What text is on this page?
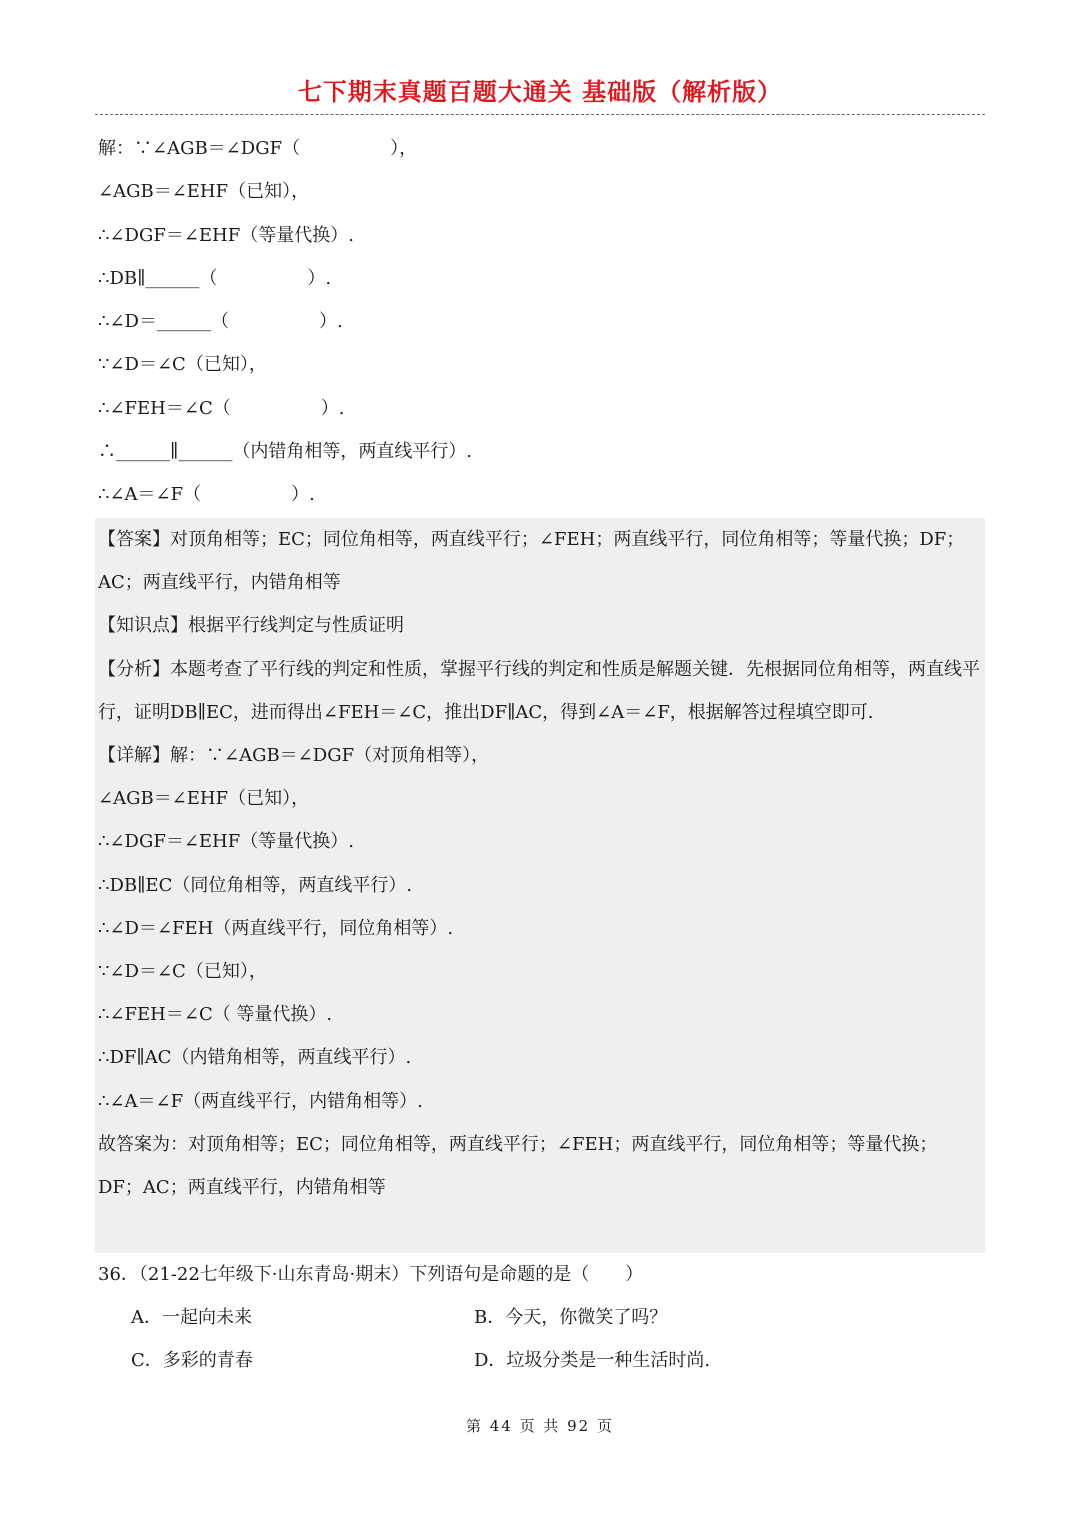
七下期末真题百题大通关 基础版（解析版）
解：∵∠AGB＝∠DGF（　　　　　），
∠AGB＝∠EHF（已知），
∴∠DGF＝∠EHF（等量代换）.
∴DB∥______（　　　　　）.
∴∠D＝______（　　　　　）.
∵∠D＝∠C（已知），
∴∠FEH＝∠C（　　　　　）.
∴______∥______（内错角相等，两直线平行）.
∴∠A＝∠F（　　　　　）.
【答案】对顶角相等；EC；同位角相等，两直线平行；∠FEH；两直线平行，同位角相等；等量代换；DF；AC；两直线平行，内错角相等
【知识点】根据平行线判定与性质证明
【分析】本题考查了平行线的判定和性质，掌握平行线的判定和性质是解题关键．先根据同位角相等，两直线平行，证明DB∥EC，进而得出∠FEH＝∠C，推出DF∥AC，得到∠A＝∠F，根据解答过程填空即可.
【详解】解：∵∠AGB＝∠DGF（对顶角相等），
∠AGB＝∠EHF（已知），
∴∠DGF＝∠EHF（等量代换）.
∴DB∥EC（同位角相等，两直线平行）.
∴∠D＝∠FEH（两直线平行，同位角相等）.
∵∠D＝∠C（已知），
∴∠FEH＝∠C（ 等量代换）.
∴DF∥AC（内错角相等，两直线平行）.
∴∠A＝∠F（两直线平行，内错角相等）.
故答案为：对顶角相等；EC；同位角相等，两直线平行；∠FEH；两直线平行，同位角相等；等量代换；DF；AC；两直线平行，内错角相等
36．（21-22七年级下·山东青岛·期末）下列语句是命题的是（　　）
A．一起向未来	B．今天，你微笑了吗？
C．多彩的青春	D．垃圾分类是一种生活时尚.
第 44 页 共 92 页
